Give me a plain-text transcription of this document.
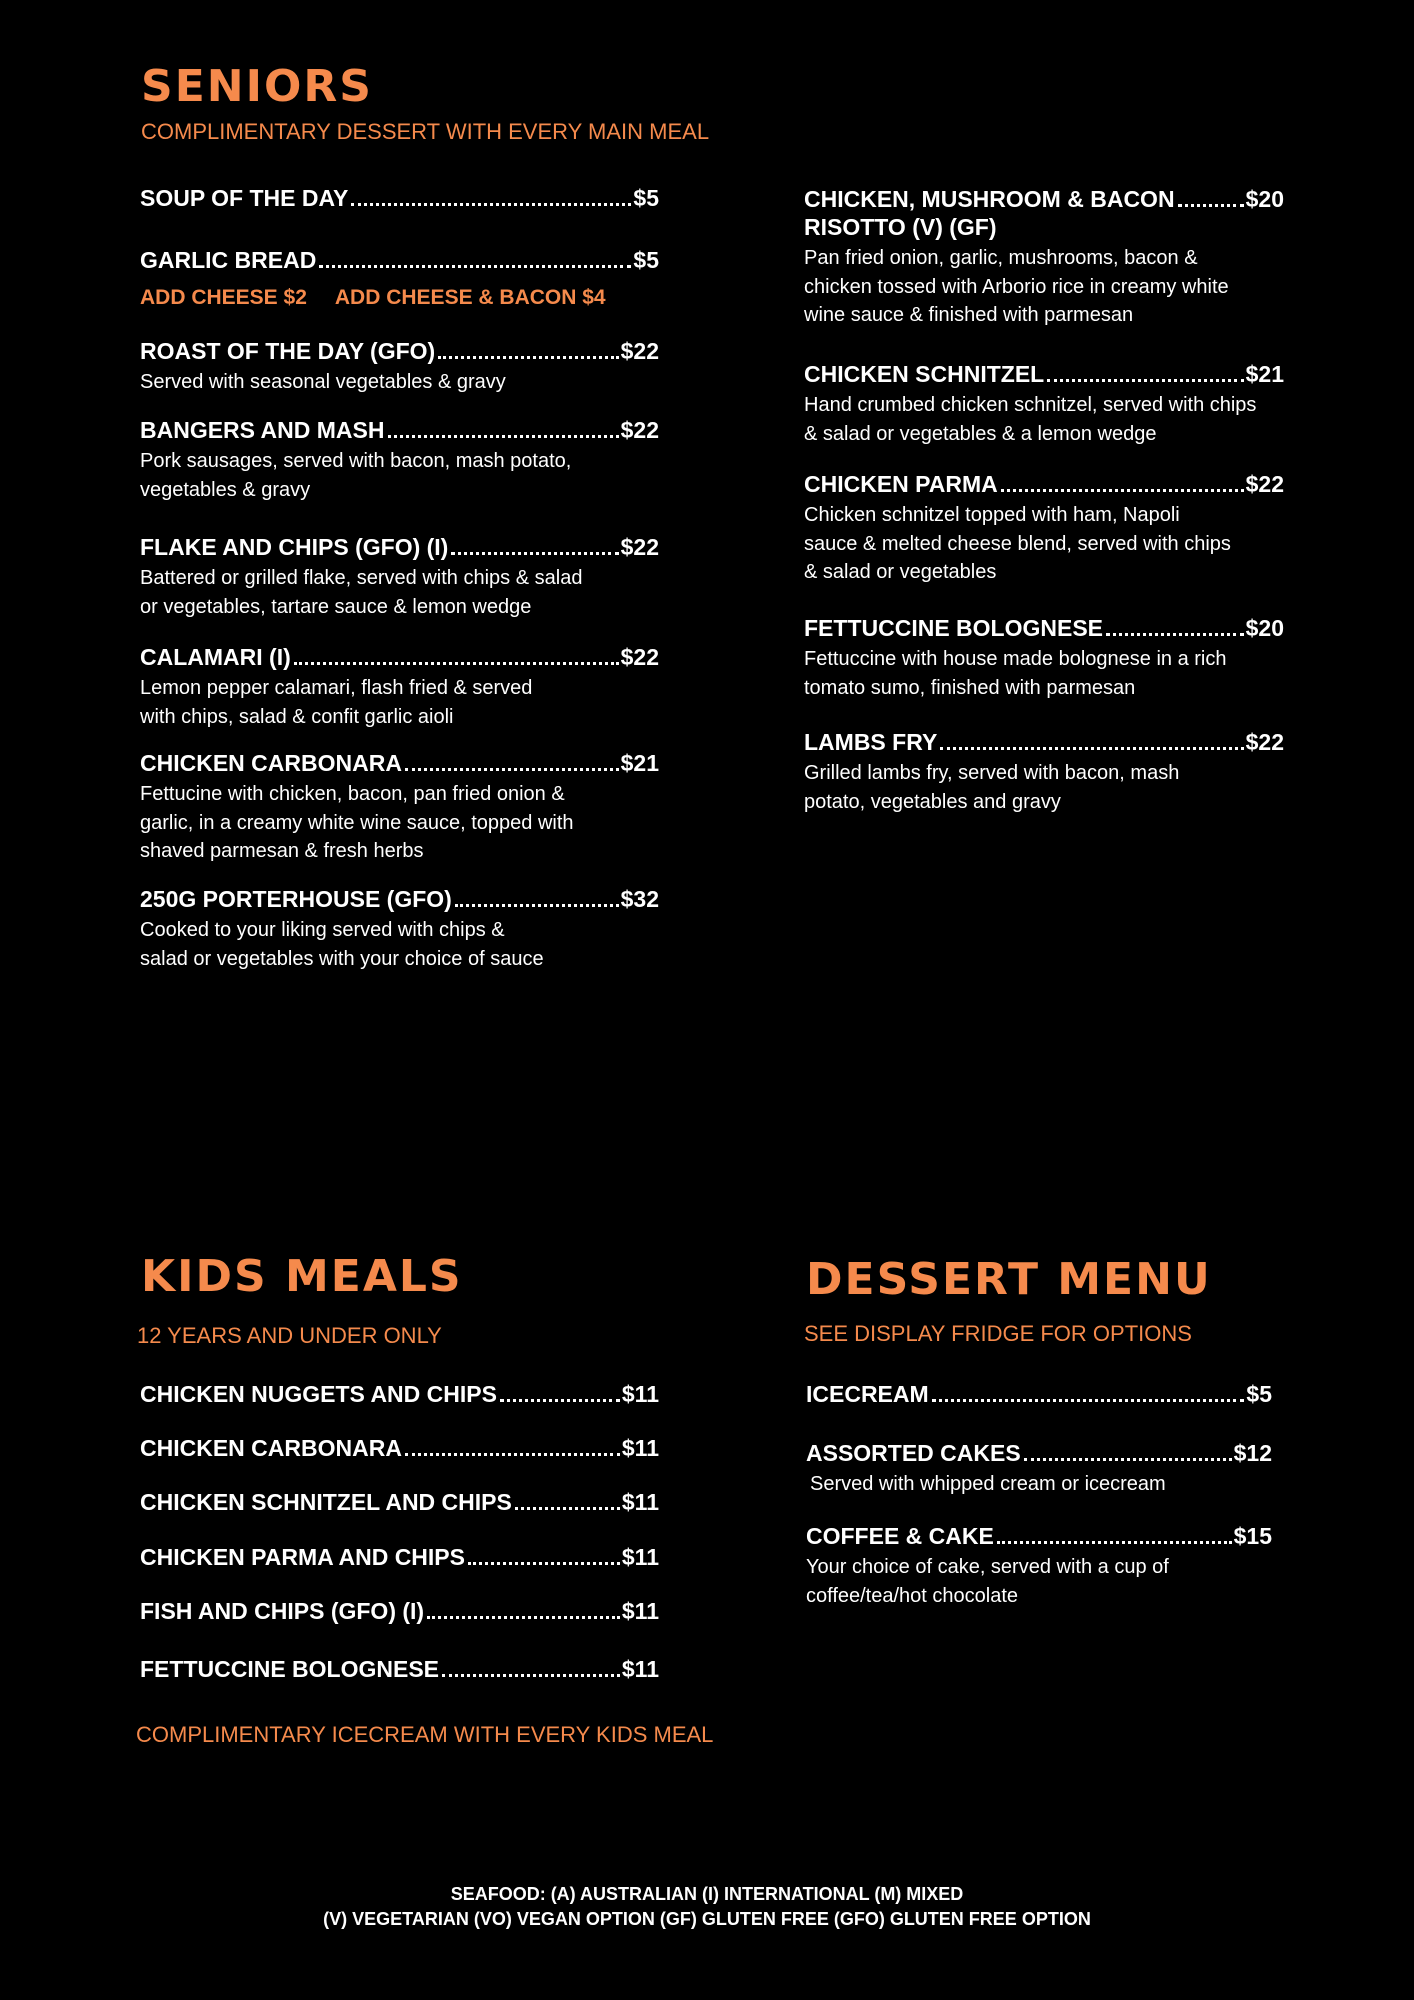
SENIORS

COMPLIMENTARY DESSERT WITH EVERY MAIN MEAL

SOUP OF THE DAY	$5
GARLIC BREAD	$5
ADD CHEESE $2 ADD CHEESE & BACON $4
ROAST OF THE DAY (GFO)	$22
Served with seasonal vegetables & gravy
BANGERS AND MASH	$22
Pork sausages, served with bacon, mash potato,
vegetables & gravy
FLAKE AND CHIPS (GFO) (I)	$22
Battered or grilled flake, served with chips & salad
or vegetables, tartare sauce & lemon wedge
CALAMARI (I)	$22
Lemon pepper calamari, flash fried & served
with chips, salad & confit garlic aioli
CHICKEN CARBONARA	$21
Fettucine with chicken, bacon, pan fried onion &
garlic, in a creamy white wine sauce, topped with
shaved parmesan & fresh herbs
250G PORTERHOUSE (GFO)	$32
Cooked to your liking served with chips &
salad or vegetables with your choice of sauce
CHICKEN, MUSHROOM & BACON	$20
RISOTTO (V) (GF)
Pan fried onion, garlic, mushrooms, bacon &
chicken tossed with Arborio rice in creamy white
wine sauce & finished with parmesan
CHICKEN SCHNITZEL	$21
Hand crumbed chicken schnitzel, served with chips
& salad or vegetables & a lemon wedge
CHICKEN PARMA	$22
Chicken schnitzel topped with ham, Napoli
sauce & melted cheese blend, served with chips
& salad or vegetables
FETTUCCINE BOLOGNESE	$20
Fettuccine with house made bolognese in a rich
tomato sumo, finished with parmesan
LAMBS FRY	$22
Grilled lambs fry, served with bacon, mash
potato, vegetables and gravy
KIDS MEALS

12 YEARS AND UNDER ONLY

CHICKEN NUGGETS AND CHIPS	$11
CHICKEN CARBONARA	$11
CHICKEN SCHNITZEL AND CHIPS	$11
CHICKEN PARMA AND CHIPS	$11
FISH AND CHIPS (GFO) (I)	$11
FETTUCCINE BOLOGNESE	$11

COMPLIMENTARY ICECREAM WITH EVERY KIDS MEAL

DESSERT MENU

SEE DISPLAY FRIDGE FOR OPTIONS

ICECREAM	$5
ASSORTED CAKES	$12
Served with whipped cream or icecream
COFFEE & CAKE	$15
Your choice of cake, served with a cup of
coffee/tea/hot chocolate
SEAFOOD: (A) AUSTRALIAN (I) INTERNATIONAL (M) MIXED
(V) VEGETARIAN (VO) VEGAN OPTION (GF) GLUTEN FREE (GFO) GLUTEN FREE OPTION
